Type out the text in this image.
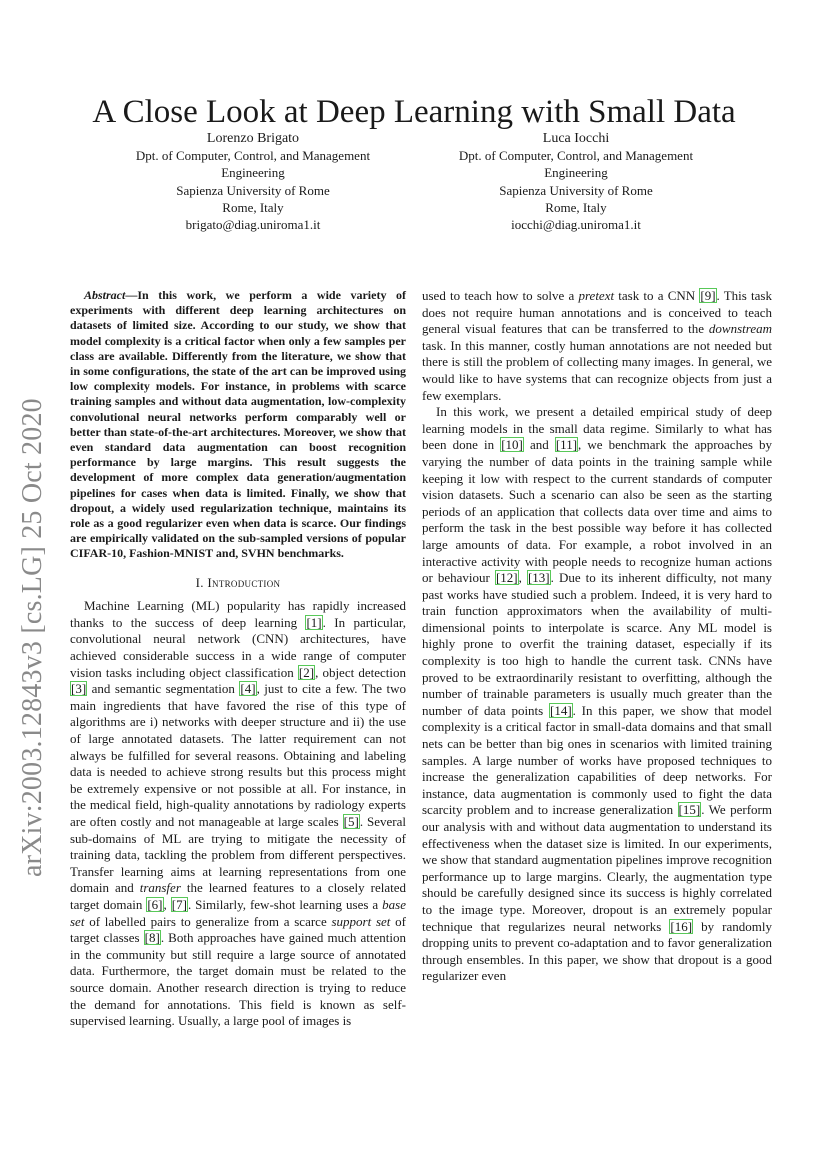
A Close Look at Deep Learning with Small Data
Lorenzo Brigato
Dpt. of Computer, Control, and Management
Engineering
Sapienza University of Rome
Rome, Italy
brigato@diag.uniroma1.it
Luca Iocchi
Dpt. of Computer, Control, and Management
Engineering
Sapienza University of Rome
Rome, Italy
iocchi@diag.uniroma1.it
arXiv:2003.12843v3 [cs.LG] 25 Oct 2020

Abstract—In this work, we perform a wide variety of experiments with different deep learning architectures on datasets of limited size. According to our study, we show that model complexity is a critical factor when only a few samples per class are available. Differently from the literature, we show that in some configurations, the state of the art can be improved using low complexity models. For instance, in problems with scarce training samples and without data augmentation, low-complexity convolutional neural networks perform comparably well or better than state-of-the-art architectures. Moreover, we show that even standard data augmentation can boost recognition performance by large margins. This result suggests the development of more complex data generation/augmentation pipelines for cases when data is limited. Finally, we show that dropout, a widely used regularization technique, maintains its role as a good regularizer even when data is scarce. Our findings are empirically validated on the sub-sampled versions of popular CIFAR-10, Fashion-MNIST and, SVHN benchmarks.

I. Introduction

Machine Learning (ML) popularity has rapidly increased thanks to the success of deep learning [1]. In particular, convolutional neural network (CNN) architectures, have achieved considerable success in a wide range of computer vision tasks including object classification [2], object detection [3] and semantic segmentation [4], just to cite a few. The two main ingredients that have favored the rise of this type of algorithms are i) networks with deeper structure and ii) the use of large annotated datasets. The latter requirement can not always be fulfilled for several reasons. Obtaining and labeling data is needed to achieve strong results but this process might be extremely expensive or not possible at all. For instance, in the medical field, high-quality annotations by radiology experts are often costly and not manageable at large scales [5]. Several sub-domains of ML are trying to mitigate the necessity of training data, tackling the problem from different perspectives. Transfer learning aims at learning representations from one domain and transfer the learned features to a closely related target domain [6], [7]. Similarly, few-shot learning uses a base set of labelled pairs to generalize from a scarce support set of target classes [8]. Both approaches have gained much attention in the community but still require a large source of annotated data. Furthermore, the target domain must be related to the source domain. Another research direction is trying to reduce the demand for annotations. This field is known as self-supervised learning. Usually, a large pool of images is

used to teach how to solve a pretext task to a CNN [9]. This task does not require human annotations and is conceived to teach general visual features that can be transferred to the downstream task. In this manner, costly human annotations are not needed but there is still the problem of collecting many images. In general, we would like to have systems that can recognize objects from just a few exemplars.

In this work, we present a detailed empirical study of deep learning models in the small data regime. Similarly to what has been done in [10] and [11], we benchmark the approaches by varying the number of data points in the training sample while keeping it low with respect to the current standards of computer vision datasets. Such a scenario can also be seen as the starting periods of an application that collects data over time and aims to perform the task in the best possible way before it has collected large amounts of data. For example, a robot involved in an interactive activity with people needs to recognize human actions or behaviour [12], [13]. Due to its inherent difficulty, not many past works have studied such a problem. Indeed, it is very hard to train function approximators when the availability of multi-dimensional points to interpolate is scarce. Any ML model is highly prone to overfit the training dataset, especially if its complexity is too high to handle the current task. CNNs have proved to be extraordinarily resistant to overfitting, although the number of trainable parameters is usually much greater than the number of data points [14]. In this paper, we show that model complexity is a critical factor in small-data domains and that small nets can be better than big ones in scenarios with limited training samples. A large number of works have proposed techniques to increase the generalization capabilities of deep networks. For instance, data augmentation is commonly used to fight the data scarcity problem and to increase generalization [15]. We perform our analysis with and without data augmentation to understand its effectiveness when the dataset size is limited. In our experiments, we show that standard augmentation pipelines improve recognition performance up to large margins. Clearly, the augmentation type should be carefully designed since its success is highly correlated to the image type. Moreover, dropout is an extremely popular technique that regularizes neural networks [16] by randomly dropping units to prevent co-adaptation and to favor generalization through ensembles. In this paper, we show that dropout is a good regularizer even
